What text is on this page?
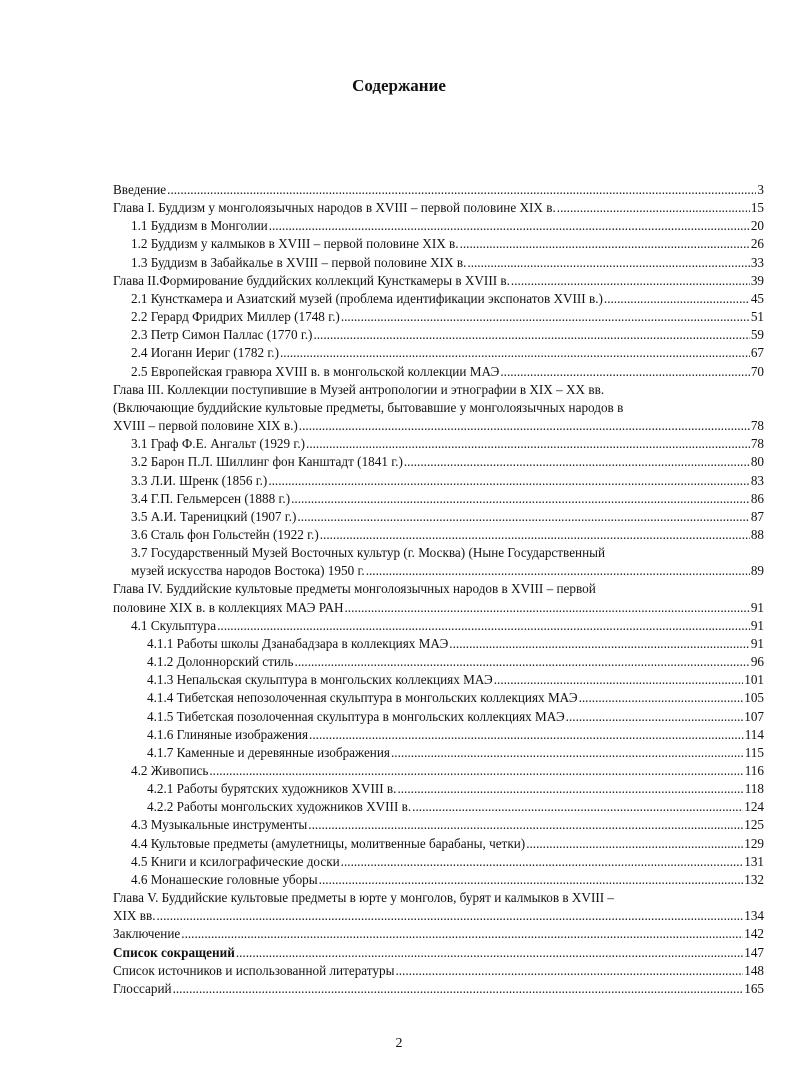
Содержание
Введение .....	3
Глава I. Буддизм у монголоязычных народов в XVIII – первой половине XIX в. .....	15
1.1 Буддизм в Монголии .....	20
1.2 Буддизм у калмыков в XVIII – первой половине XIX в. .....	26
1.3 Буддизм в Забайкалье в XVIII – первой половине XIX в. .....	33
Глава II.Формирование буддийских коллекций Кунсткамеры в XVIII в. .....	39
2.1 Кунсткамера и Азиатский музей (проблема идентификации экспонатов XVIII в.) .....	45
2.2 Герард Фридрих Миллер (1748 г.) .....	51
2.3 Петр Симон Паллас (1770 г.) .....	59
2.4 Иоганн Иериг (1782 г.) .....	67
2.5 Европейская гравюра XVIII в. в монгольской коллекции МАЭ .....	70
Глава III. Коллекции поступившие в Музей антропологии и этнографии в XIX – XX вв.
(Включающие буддийские культовые предметы, бытовавшие у монголоязычных народов в
XVIII – первой половине XIX в.) .....	78
3.1 Граф Ф.Е. Ангальт (1929 г.) .....	78
3.2 Барон П.Л. Шиллинг фон Канштадт (1841 г.) .....	80
3.3 Л.И. Шренк (1856 г.) .....	83
3.4 Г.П. Гельмерсен (1888 г.) .....	86
3.5 А.И. Тареницкий (1907 г.) .....	87
3.6 Сталь фон Гольстейн (1922 г.) .....	88
3.7 Государственный Музей Восточных культур (г. Москва) (Ныне Государственный
музей искусства народов Востока) 1950 г. .....	89
Глава IV. Буддийские культовые предметы монголоязычных народов в XVIII – первой
половине XIX в. в коллекциях МАЭ РАН .....	91
4.1 Скульптура .....	91
4.1.1 Работы школы Дзанабадзара в коллекциях МАЭ .....	91
4.1.2 Долоннорский стиль .....	96
4.1.3 Непальская скульптура в монгольских коллекциях МАЭ .....	101
4.1.4 Тибетская непозолоченная скульптура в монгольских коллекциях МАЭ .....	105
4.1.5 Тибетская позолоченная скульптура в монгольских коллекциях МАЭ .....	107
4.1.6 Глиняные изображения .....	114
4.1.7 Каменные и деревянные изображения .....	115
4.2 Живопись .....	116
4.2.1 Работы бурятских художников XVIII в. .....	118
4.2.2 Работы монгольских художников XVIII в. .....	124
4.3 Музыкальные инструменты .....	125
4.4 Культовые предметы (амулетницы, молитвенные барабаны, четки) .....	129
4.5 Книги и ксилографические доски .....	131
4.6 Монашеские головные уборы .....	132
Глава V. Буддийские культовые предметы в юрте у монголов, бурят и калмыков в XVIII –
XIX вв. .....	134
Заключение .....	142
Список сокращений .....	147
Список источников и использованной литературы .....	148
Глоссарий .....	165
2
